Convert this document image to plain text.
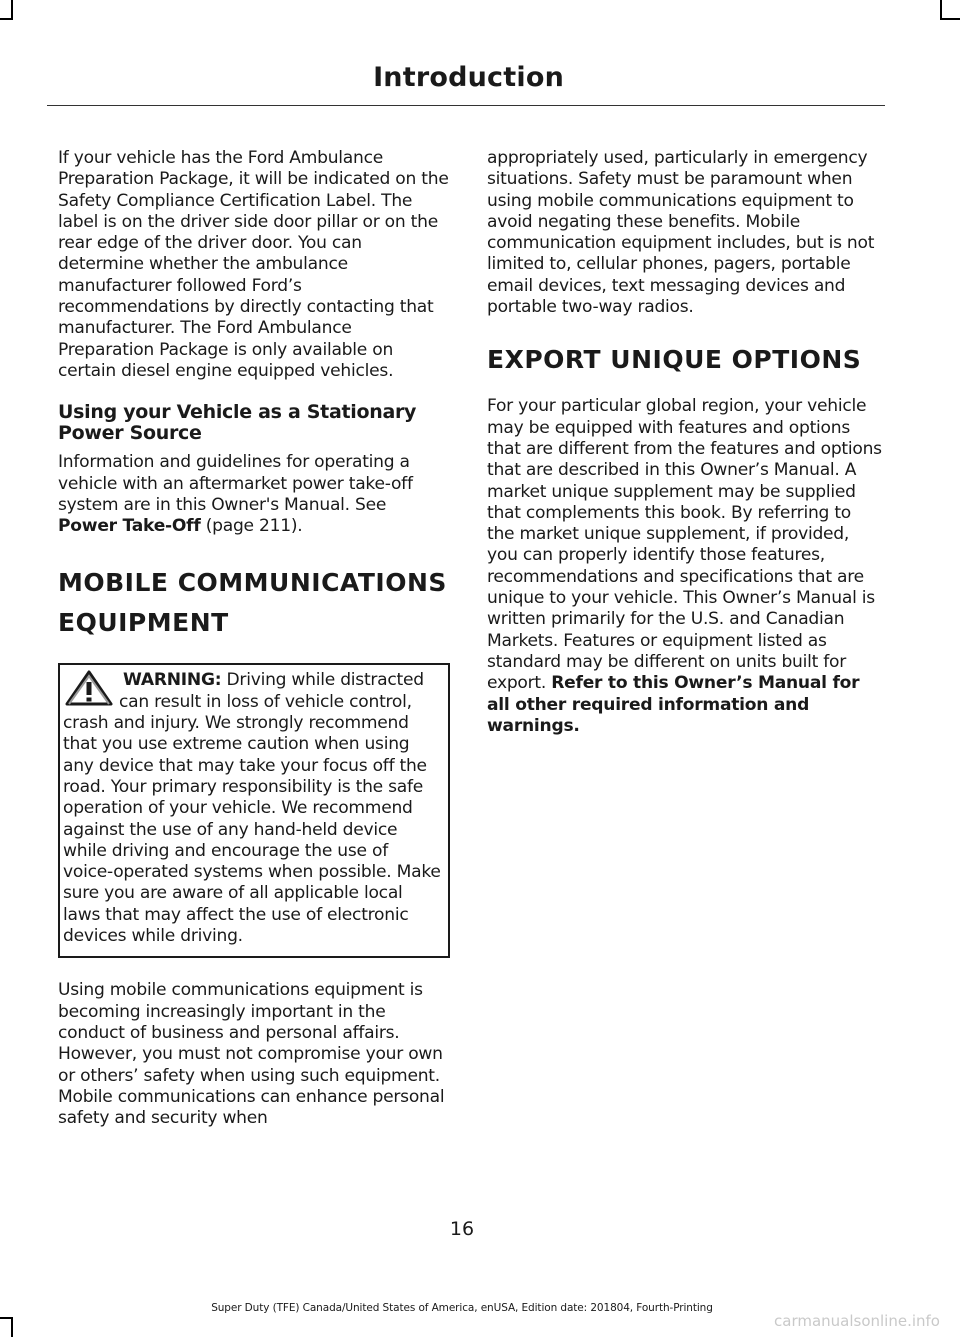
Introduction

If your vehicle has the Ford Ambulance Preparation Package, it will be indicated on the Safety Compliance Certification Label. The label is on the driver side door pillar or on the rear edge of the driver door. You can determine whether the ambulance manufacturer followed Ford’s recommendations by directly contacting that manufacturer. The Ford Ambulance Preparation Package is only available on certain diesel engine equipped vehicles.

Using your Vehicle as a Stationary Power Source

Information and guidelines for operating a vehicle with an aftermarket power take-off system are in this Owner's Manual. See Power Take-Off (page 211).

MOBILE COMMUNICATIONS
EQUIPMENT

WARNING: Driving while distracted can result in loss of vehicle control, crash and injury. We strongly recommend that you use extreme caution when using any device that may take your focus off the road. Your primary responsibility is the safe operation of your vehicle. We recommend against the use of any hand-held device while driving and encourage the use of voice-operated systems when possible. Make sure you are aware of all applicable local laws that may affect the use of electronic devices while driving.

Using mobile communications equipment is becoming increasingly important in the conduct of business and personal affairs. However, you must not compromise your own or others’ safety when using such equipment. Mobile communications can enhance personal safety and security when

appropriately used, particularly in emergency situations. Safety must be paramount when using mobile communications equipment to avoid negating these benefits. Mobile communication equipment includes, but is not limited to, cellular phones, pagers, portable email devices, text messaging devices and portable two-way radios.

EXPORT UNIQUE OPTIONS

For your particular global region, your vehicle may be equipped with features and options that are different from the features and options that are described in this Owner’s Manual. A market unique supplement may be supplied that complements this book. By referring to the market unique supplement, if provided, you can properly identify those features, recommendations and specifications that are unique to your vehicle. This Owner’s Manual is written primarily for the U.S. and Canadian Markets. Features or equipment listed as standard may be different on units built for export. Refer to this Owner’s Manual for all other required information and warnings.

16
Super Duty (TFE) Canada/United States of America, enUSA, Edition date: 201804, Fourth-Printing
carmanualsonline.info
